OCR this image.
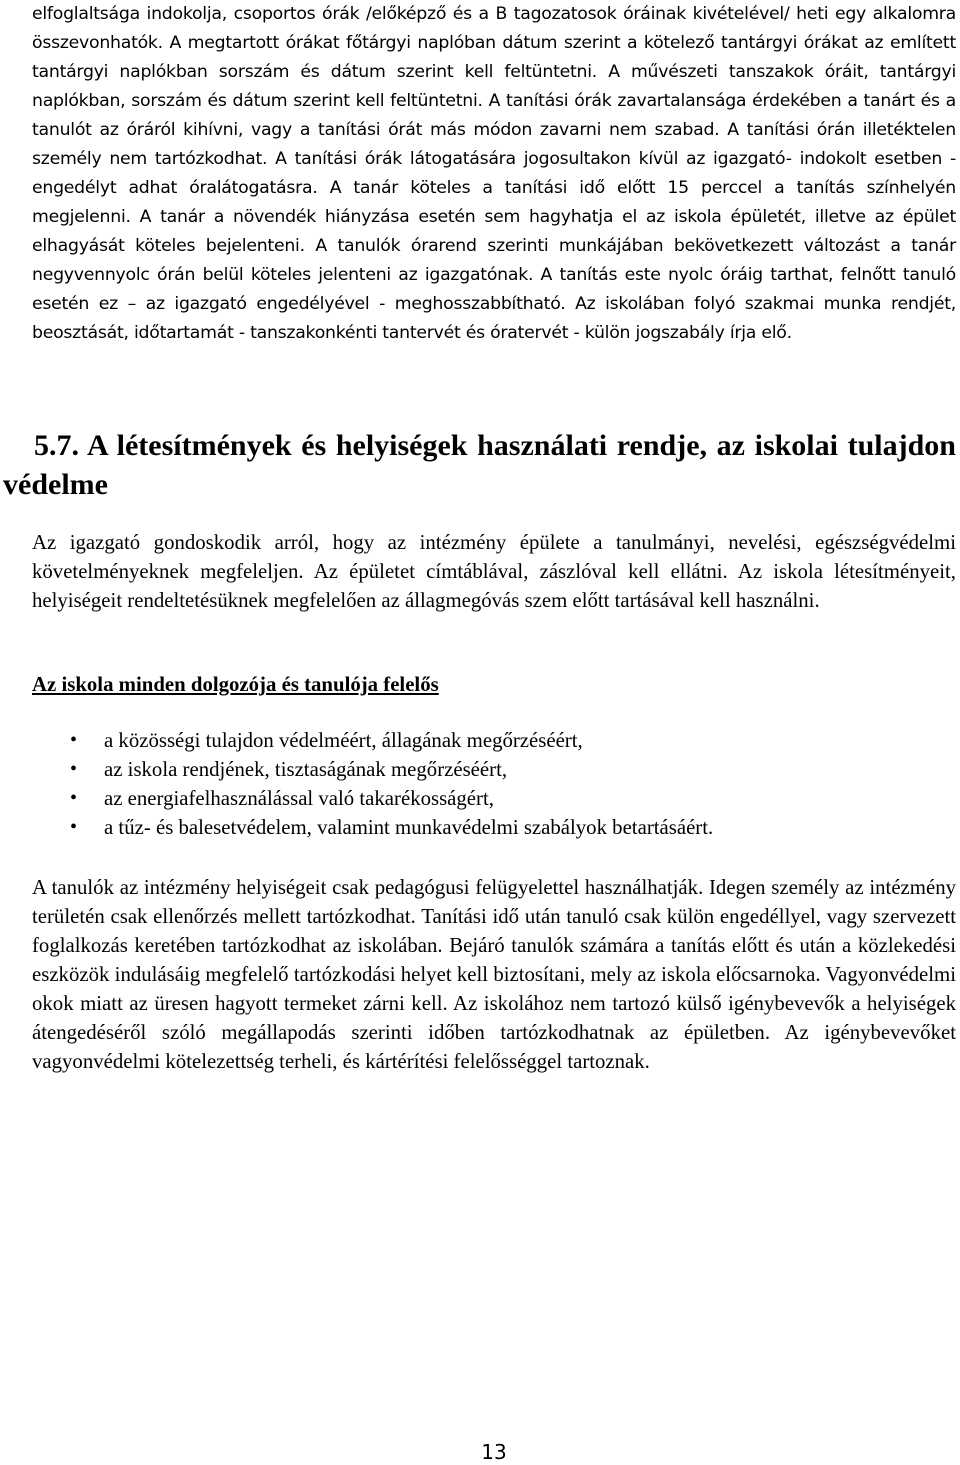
elfoglaltsága indokolja, csoportos órák /előképző és a B tagozatosok óráinak kivételével/ heti egy alkalomra összevonhatók. A megtartott órákat főtárgyi naplóban dátum szerint a kötelező tantárgyi órákat az említett tantárgyi naplókban sorszám és dátum szerint kell feltüntetni. A művészeti tanszakok óráit, tantárgyi naplókban, sorszám és dátum szerint kell feltüntetni. A tanítási órák zavartalansága érdekében a tanárt és a tanulót az óráról kihívni, vagy a tanítási órát más módon zavarni nem szabad. A tanítási órán illetéktelen személy nem tartózkodhat. A tanítási órák látogatására jogosultakon kívül az igazgató- indokolt esetben - engedélyt adhat óralátogatásra. A tanár köteles a tanítási idő előtt 15 perccel a tanítás színhelyén megjelenni. A tanár a növendék hiányzása esetén sem hagyhatja el az iskola épületét, illetve az épület elhagyását köteles bejelenteni. A tanulók órarend szerinti munkájában bekövetkezett változást a tanár negyvennyolc órán belül köteles jelenteni az igazgatónak. A tanítás este nyolc óráig tarthat, felnőtt tanuló esetén ez – az igazgató engedélyével - meghosszabbítható. Az iskolában folyó szakmai munka rendjét, beosztását, időtartamát - tanszakonkénti tantervét és óratervét - külön jogszabály írja elő.

5.7. A létesítmények és helyiségek használati rendje, az iskolai tulajdon védelme

Az igazgató gondoskodik arról, hogy az intézmény épülete a tanulmányi, nevelési, egészségvédelmi követelményeknek megfeleljen. Az épületet címtáblával, zászlóval kell ellátni. Az iskola létesítményeit, helyiségeit rendeltetésüknek megfelelően az állagmegóvás szem előtt tartásával kell használni.

Az iskola minden dolgozója és tanulója felelős

• a közösségi tulajdon védelméért, állagának megőrzéséért,
• az iskola rendjének, tisztaságának megőrzéséért,
• az energiafelhasználással való takarékosságért,
• a tűz- és balesetvédelem, valamint munkavédelmi szabályok betartásáért.

A tanulók az intézmény helyiségeit csak pedagógusi felügyelettel használhatják. Idegen személy az intézmény területén csak ellenőrzés mellett tartózkodhat. Tanítási idő után tanuló csak külön engedéllyel, vagy szervezett foglalkozás keretében tartózkodhat az iskolában. Bejáró tanulók számára a tanítás előtt és után a közlekedési eszközök indulásáig megfelelő tartózkodási helyet kell biztosítani, mely az iskola előcsarnoka. Vagyonvédelmi okok miatt az üresen hagyott termeket zárni kell. Az iskolához nem tartozó külső igénybevevők a helyiségek átengedéséről szóló megállapodás szerinti időben tartózkodhatnak az épületben. Az igénybevevőket vagyonvédelmi kötelezettség terheli, és kártérítési felelősséggel tartoznak.

13
